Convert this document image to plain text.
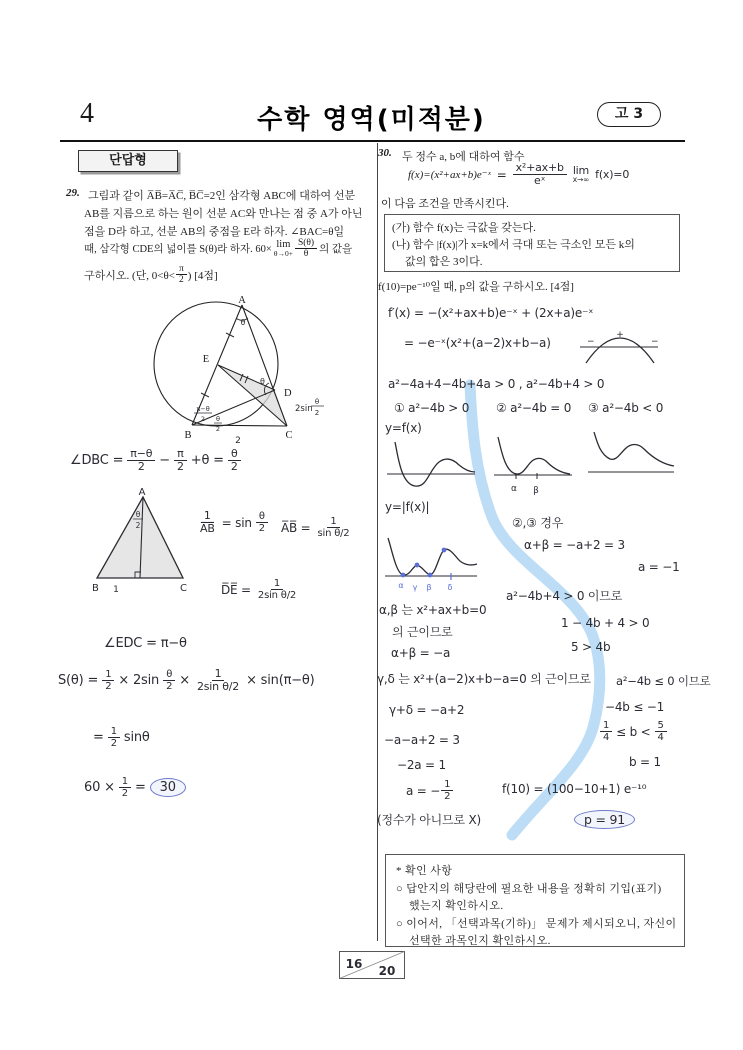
4	수학 영역(미적분)	고 3
단답형
29. 그림과 같이 A̅B̅=A̅C̅, B̅C̅=2인 삼각형 ABC에 대하여 선분
AB를 지름으로 하는 원이 선분 AC와 만나는 점 중 A가 아닌
점을 D라 하고, 선분 AB의 중점을 E라 하자. ∠BAC=θ일
때, 삼각형 CDE의 넓이를 S(θ)라 하자. 60× lim
$\theta\to 0+ \frac{S(\theta)}{\theta}$ 의 값을
구하시오. (단, $0<\theta< \frac{\pi}{2}$ ) [4점]
A
B	C
D
E
θ
θ
π−θ
2 θ
2
2
2sin
θ
2
∠DBC = $\frac{\pi-\theta}{2} - \frac{\pi}{2} +\theta = \frac{\theta}{2}$
A
B	C
1
θ
2	$\frac{1}{A̅B̅} = \sin \frac{\theta}{2}$ A̅B̅ = $\frac{1}{\text{sin θ/2}}$
D̅E̅ = $\frac{1}{\text{2sin θ/2}}$
∠EDC = π−θ
$S(\theta) = \frac{1}{2} \times 2\sin \frac{\theta}{2} \times \frac{1}{\text{2sin θ/2}} \times \sin(\pi-\theta)$
= $\frac{1}{2}$ sinθ
$60 \times \frac{1}{2}$ =	30
30. 두 정수 a, b에 대하여 함수
f(x)=(x²+ax+b)e⁻ˣ = $\frac{\text{x²+ax+b}}{\text{eˣ}}$ lim
x→∞ f(x)=0
이 다음 조건을 만족시킨다.
(가) 함수 f(x)는 극값을 갖는다.
(나) 함수 |f(x)|가 x=k에서 극대 또는 극소인 모든 k의
값의 합은 3이다.
f(10)=pe⁻¹⁰일 때, p의 값을 구하시오. [4점]
f′(x) = −(x²+ax+b)e⁻ˣ + (2x+a)e⁻ˣ
= −e⁻ˣ(x²+(a−2)x+b−a)
+
−	−
a²−4a+4−4b+4a > 0 , a²−4b+4 > 0
① a²−4b > 0 ② a²−4b = 0 ③ a²−4b < 0
y=f(x)
α β
y=|f(x)|
α γ β δ
②,③ 경우
α+β = −a+2 = 3
a = −1
a²−4b+4 > 0 이므로
α,β 는 x²+ax+b=0
1 − 4b + 4 > 0
의 근이므로
5 > 4b
α+β = −a
γ,δ 는 x²+(a−2)x+b−a=0 의 근이므로 a²−4b ≤ 0 이므로
γ+δ = −a+2	−4b ≤ −1
$\frac{1}{4} \le b < \frac{5}{4}$
−a−a+2 = 3
−2a = 1	b = 1
a = − $\frac{1}{2}$	f(10) = (100−10+1) e⁻¹⁰
(정수가 아니므로 X)	p = 91
* 확인 사항
○ 답안지의 해당란에 필요한 내용을 정확히 기입(표기)
했는지 확인하시오.
○ 이어서, 「선택과목(기하)」 문제가 제시되오니, 자신이
선택한 과목인지 확인하시오.
16 20
